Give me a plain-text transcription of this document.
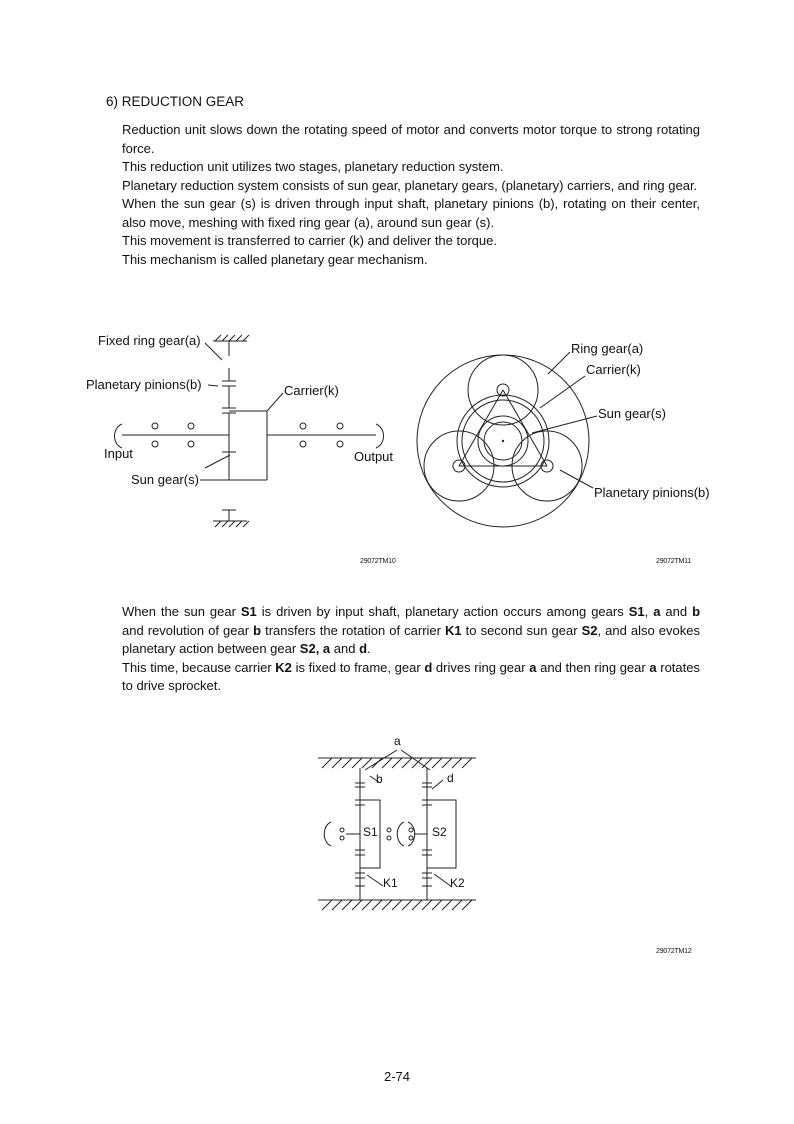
6) REDUCTION GEAR

Reduction unit slows down the rotating speed of motor and converts motor torque to strong rotating force.

This reduction unit utilizes two stages, planetary reduction system.

Planetary reduction system consists of sun gear, planetary gears, (planetary) carriers, and ring gear.

When the sun gear (s) is driven through input shaft, planetary pinions (b), rotating on their center, also move, meshing with fixed ring gear (a), around sun gear (s).

This movement is transferred to carrier (k) and deliver the torque.

This mechanism is called planetary gear mechanism.

Fixed ring gear(a)
Planetary pinions(b)	Carrier(k)
Input	Output
Sun gear(s)
29072TM10
Ring gear(a)
Carrier(k)
Sun gear(s)
Planetary pinions(b)
29072TM11

When the sun gear S1 is driven by input shaft, planetary action occurs among gears S1, a and b and revolution of gear b transfers the rotation of carrier K1 to second sun gear S2, and also evokes planetary action between gear S2, a and d.

This time, because carrier K2 is fixed to frame, gear d drives ring gear a and then ring gear a rotates to drive sprocket.

a
b	d
S1	S2
K1	K2
29072TM12
2-74
